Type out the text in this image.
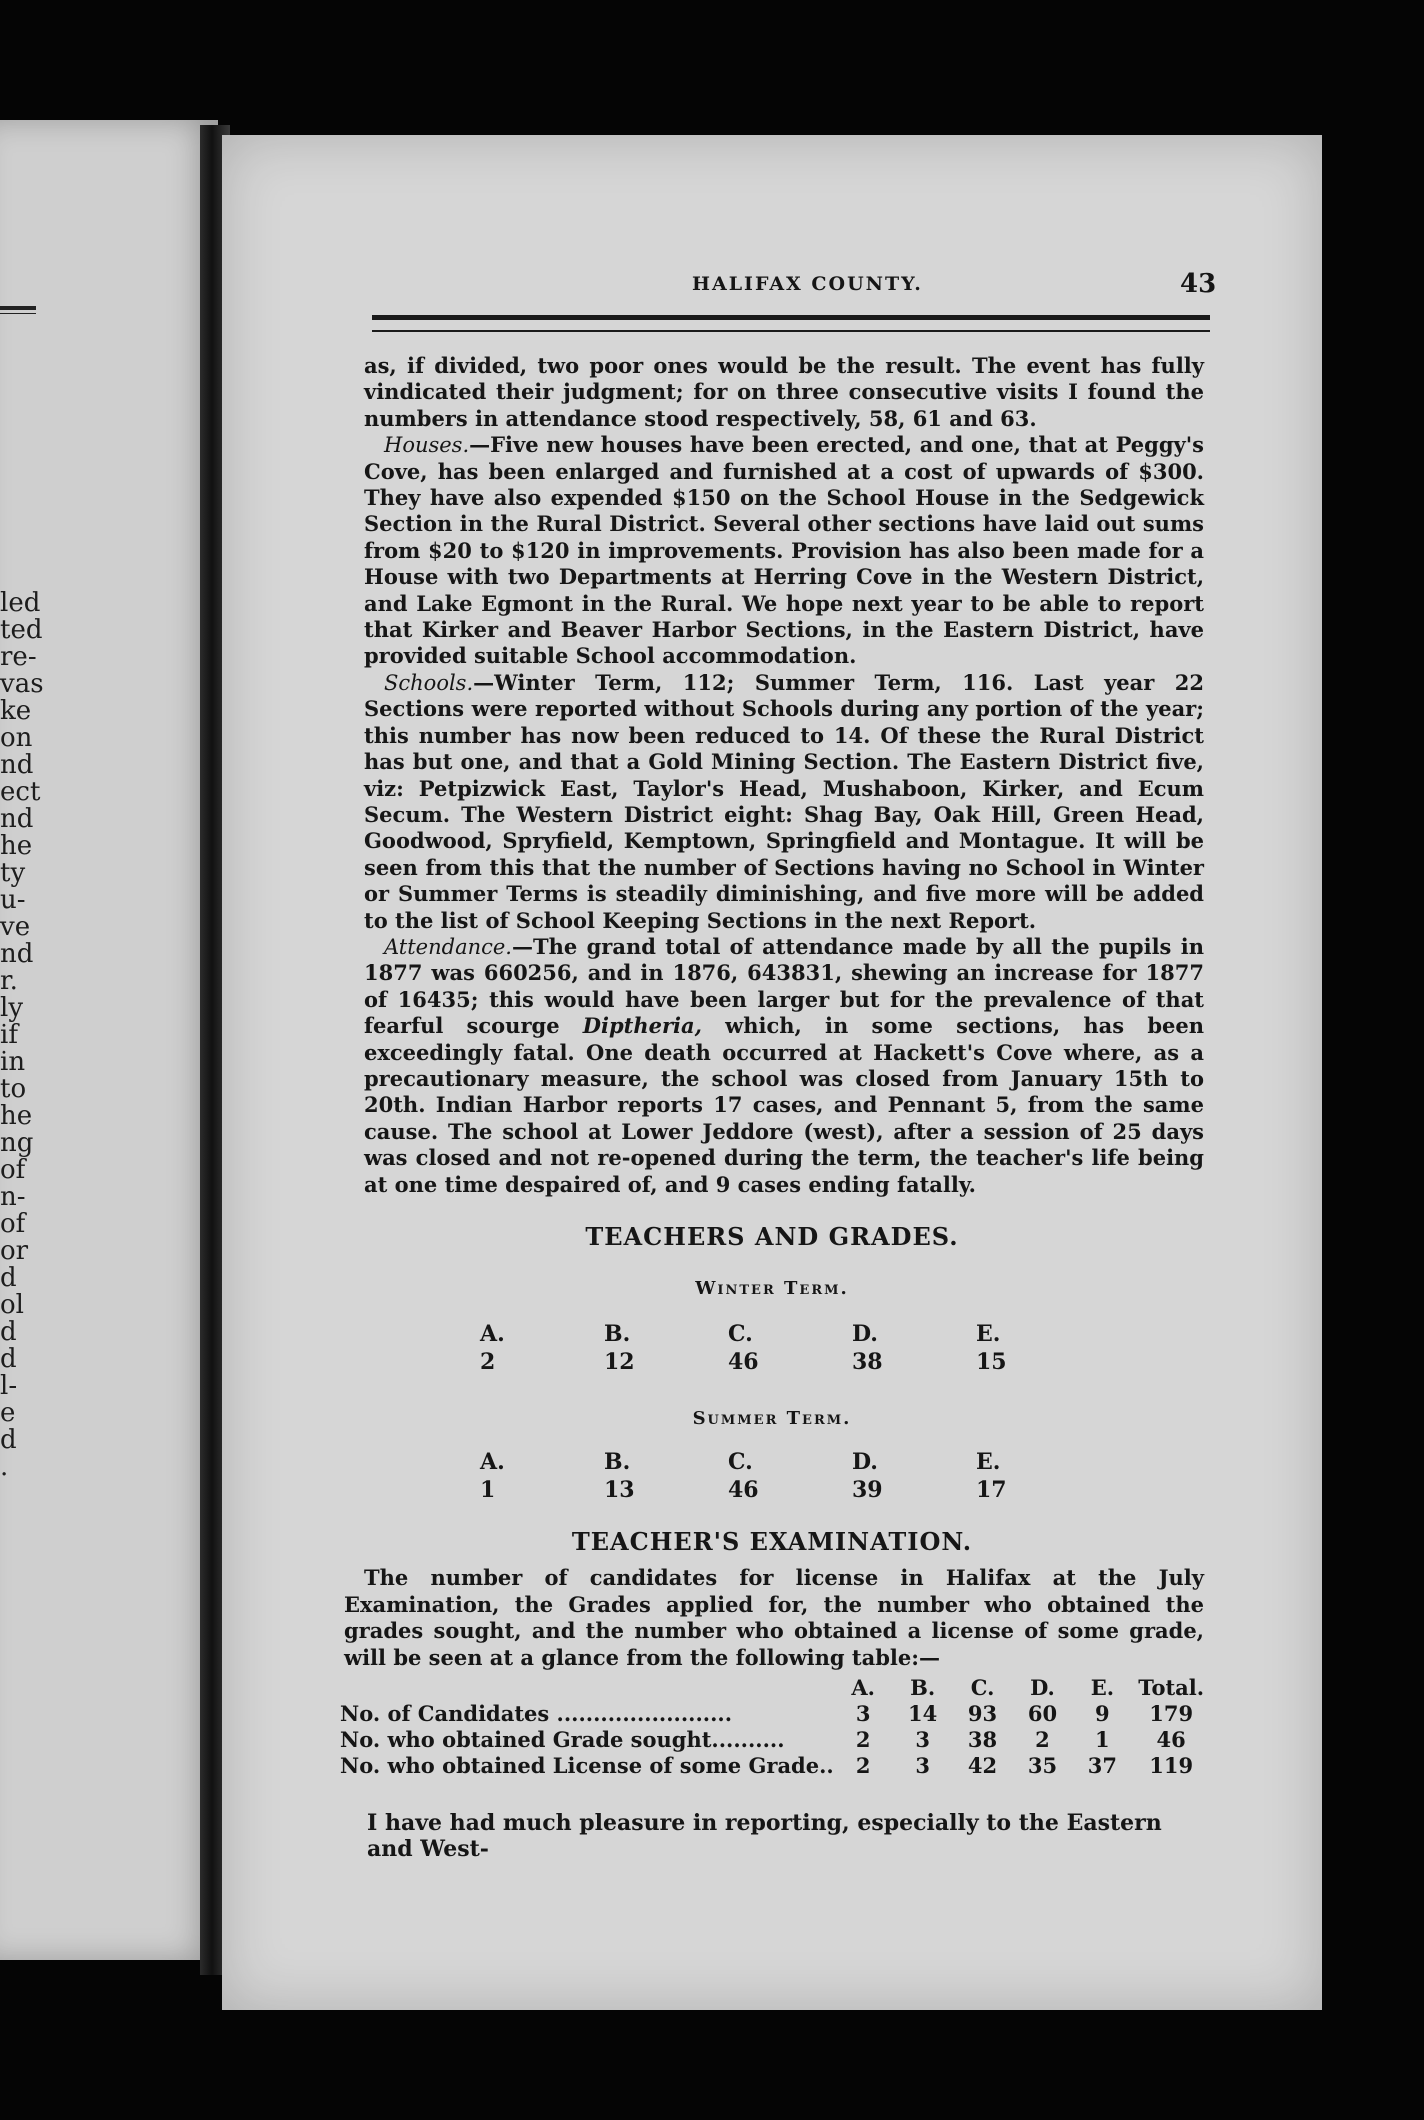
led
ted
re-
vas
ke
on
nd
ect
nd
he
ty
u-
ve
nd
r.
ly
if
in
to
he
ng
of
n-
of
or
d
ol
d
d
l-
e
d
.
HALIFAX COUNTY.	43

as, if divided, two poor ones would be the result. The event has fully vindicated their judgment; for on three consecutive visits I found the numbers in attendance stood respectively, 58, 61 and 63.

Houses.—Five new houses have been erected, and one, that at Peggy's Cove, has been enlarged and furnished at a cost of upwards of $300. They have also expended $150 on the School House in the Sedgewick Section in the Rural District. Several other sections have laid out sums from $20 to $120 in improvements. Provision has also been made for a House with two Departments at Herring Cove in the Western District, and Lake Egmont in the Rural. We hope next year to be able to report that Kirker and Beaver Harbor Sections, in the Eastern District, have provided suitable School accommodation.

Schools.—Winter Term, 112; Summer Term, 116. Last year 22 Sections were reported without Schools during any portion of the year; this number has now been reduced to 14. Of these the Rural District has but one, and that a Gold Mining Section. The Eastern District five, viz: Petpizwick East, Taylor's Head, Mushaboon, Kirker, and Ecum Secum. The Western District eight: Shag Bay, Oak Hill, Green Head, Goodwood, Spryfield, Kemptown, Springfield and Montague. It will be seen from this that the number of Sections having no School in Winter or Summer Terms is steadily diminishing, and five more will be added to the list of School Keeping Sections in the next Report.

Attendance.—The grand total of attendance made by all the pupils in 1877 was 660256, and in 1876, 643831, shewing an increase for 1877 of 16435; this would have been larger but for the prevalence of that fearful scourge Diptheria, which, in some sections, has been exceedingly fatal. One death occurred at Hackett's Cove where, as a precautionary measure, the school was closed from January 15th to 20th. Indian Harbor reports 17 cases, and Pennant 5, from the same cause. The school at Lower Jeddore (west), after a session of 25 days was closed and not re-opened during the term, the teacher's life being at one time despaired of, and 9 cases ending fatally.

TEACHERS AND GRADES.
Winter Term.
A.	B.	C.	D.	E.
2	12	46	38	15
Summer Term.
A.	B.	C.	D.	E.
1	13	46	39	17
TEACHER'S EXAMINATION.

The number of candidates for license in Halifax at the July Examination, the Grades applied for, the number who obtained the grades sought, and the number who obtained a license of some grade, will be seen at a glance from the following table:—

	A.	B.	C.	D.	E.	Total.
No. of Candidates ........................	3	14	93	60	9	179
No. who obtained Grade sought..........	2	3	38	2	1	46
No. who obtained License of some Grade..	2	3	42	35	37	119
I have had much pleasure in reporting, especially to the Eastern and West-
